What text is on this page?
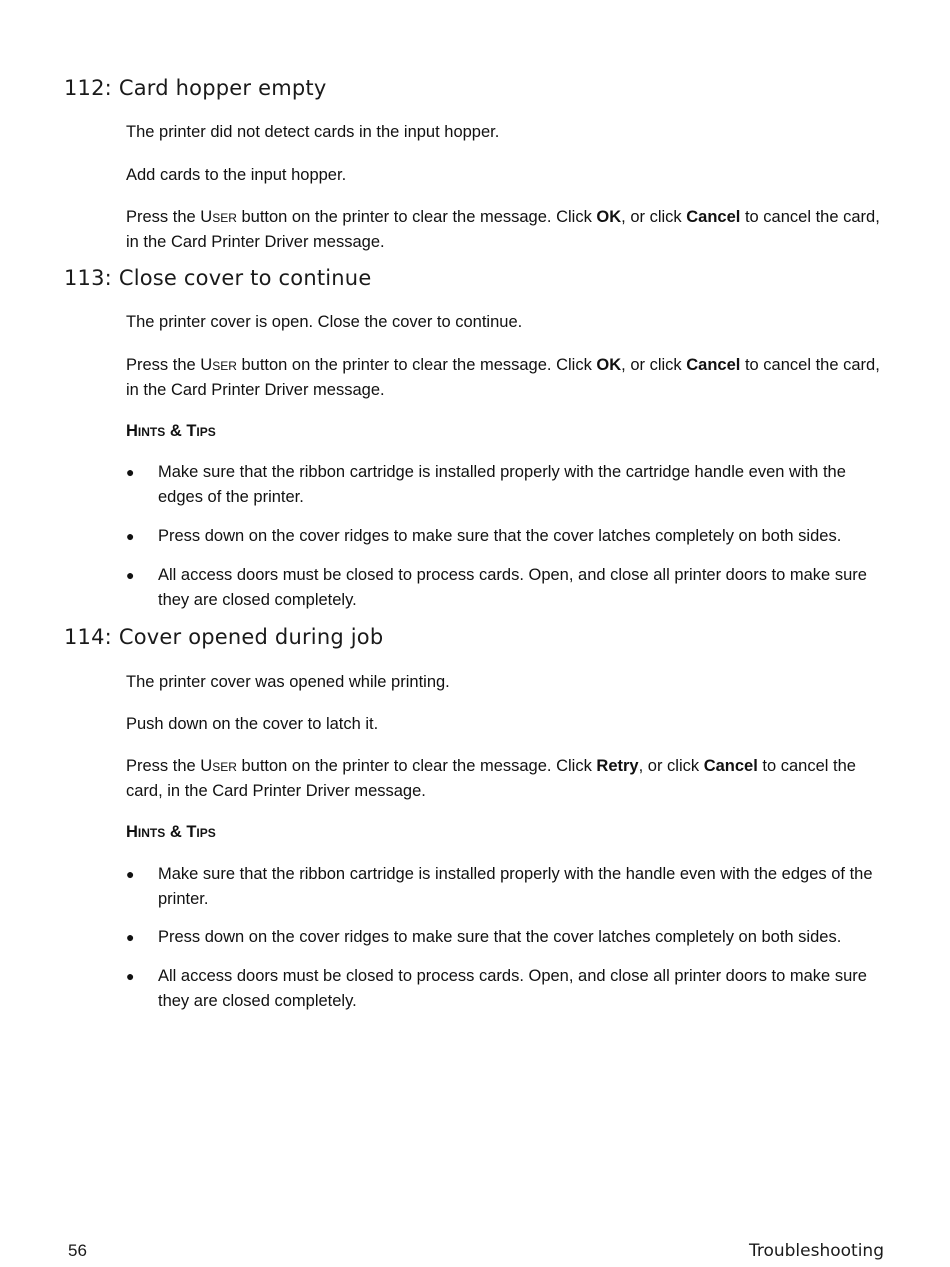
112: Card hopper empty

The printer did not detect cards in the input hopper.

Add cards to the input hopper.

Press the User button on the printer to clear the message. Click OK, or click Cancel to cancel the card, in the Card Printer Driver message.

113: Close cover to continue

The printer cover is open. Close the cover to continue.

Press the User button on the printer to clear the message. Click OK, or click Cancel to cancel the card, in the Card Printer Driver message.

Hints & Tips
● Make sure that the ribbon cartridge is installed properly with the cartridge handle even with the edges of the printer.

● Press down on the cover ridges to make sure that the cover latches completely on both sides.

● All access doors must be closed to process cards. Open, and close all printer doors to make sure they are closed completely.

114: Cover opened during job

The printer cover was opened while printing.

Push down on the cover to latch it.

Press the User button on the printer to clear the message. Click Retry, or click Cancel to cancel the card, in the Card Printer Driver message.

Hints & Tips
● Make sure that the ribbon cartridge is installed properly with the handle even with the edges of the printer.

● Press down on the cover ridges to make sure that the cover latches completely on both sides.

● All access doors must be closed to process cards. Open, and close all printer doors to make sure they are closed completely.

56	Troubleshooting
